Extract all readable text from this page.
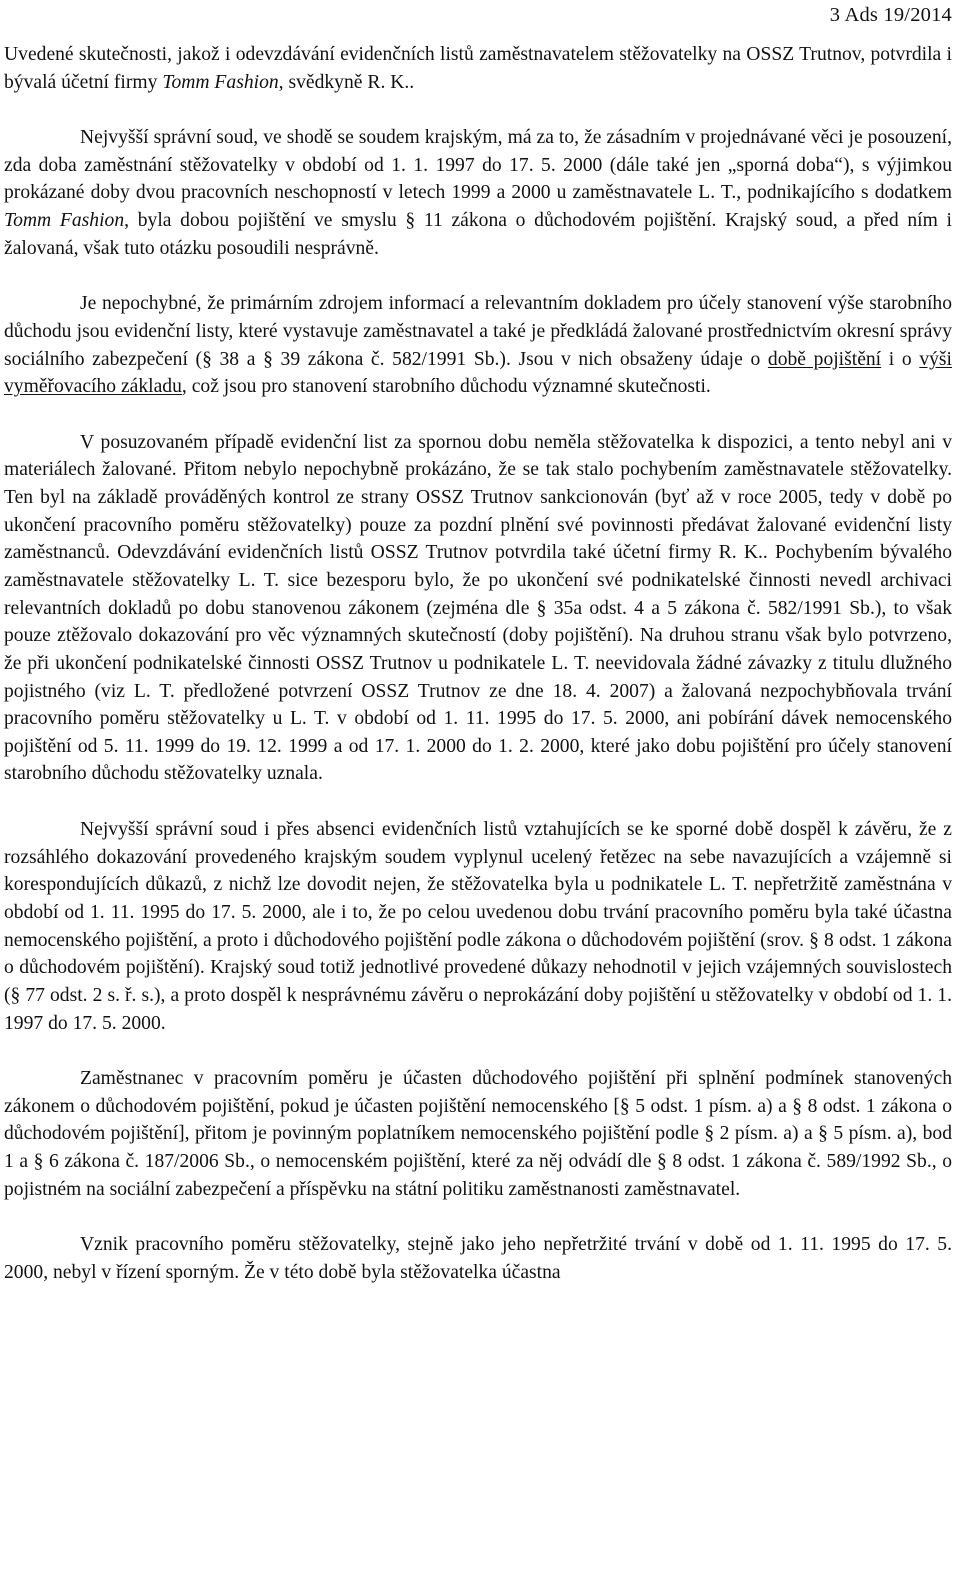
3 Ads 19/2014

Uvedené skutečnosti, jakož i odevzdávání evidenčních listů zaměstnavatelem stěžovatelky na OSSZ Trutnov, potvrdila i bývalá účetní firmy Tomm Fashion, svědkyně R. K..

Nejvyšší správní soud, ve shodě se soudem krajským, má za to, že zásadním v projednávané věci je posouzení, zda doba zaměstnání stěžovatelky v období od 1. 1. 1997 do 17. 5. 2000 (dále také jen „sporná doba“), s výjimkou prokázané doby dvou pracovních neschopností v letech 1999 a 2000 u zaměstnavatele L. T., podnikajícího s dodatkem Tomm Fashion, byla dobou pojištění ve smyslu § 11 zákona o důchodovém pojištění. Krajský soud, a před ním i žalovaná, však tuto otázku posoudili nesprávně.

Je nepochybné, že primárním zdrojem informací a relevantním dokladem pro účely stanovení výše starobního důchodu jsou evidenční listy, které vystavuje zaměstnavatel a také je předkládá žalované prostřednictvím okresní správy sociálního zabezpečení (§ 38 a § 39 zákona č. 582/1991 Sb.). Jsou v nich obsaženy údaje o době pojištění i o výši vyměřovacího základu, což jsou pro stanovení starobního důchodu významné skutečnosti.

V posuzovaném případě evidenční list za spornou dobu neměla stěžovatelka k dispozici, a tento nebyl ani v materiálech žalované. Přitom nebylo nepochybně prokázáno, že se tak stalo pochybením zaměstnavatele stěžovatelky. Ten byl na základě prováděných kontrol ze strany OSSZ Trutnov sankcionován (byť až v roce 2005, tedy v době po ukončení pracovního poměru stěžovatelky) pouze za pozdní plnění své povinnosti předávat žalované evidenční listy zaměstnanců. Odevzdávání evidenčních listů OSSZ Trutnov potvrdila také účetní firmy R. K.. Pochybením bývalého zaměstnavatele stěžovatelky L. T. sice bezesporu bylo, že po ukončení své podnikatelské činnosti nevedl archivaci relevantních dokladů po dobu stanovenou zákonem (zejména dle § 35a odst. 4 a 5 zákona č. 582/1991 Sb.), to však pouze ztěžovalo dokazování pro věc významných skutečností (doby pojištění). Na druhou stranu však bylo potvrzeno, že při ukončení podnikatelské činnosti OSSZ Trutnov u podnikatele L. T. neevidovala žádné závazky z titulu dlužného pojistného (viz L. T. předložené potvrzení OSSZ Trutnov ze dne 18. 4. 2007) a žalovaná nezpochybňovala trvání pracovního poměru stěžovatelky u L. T. v období od 1. 11. 1995 do 17. 5. 2000, ani pobírání dávek nemocenského pojištění od 5. 11. 1999 do 19. 12. 1999 a od 17. 1. 2000 do 1. 2. 2000, které jako dobu pojištění pro účely stanovení starobního důchodu stěžovatelky uznala.

Nejvyšší správní soud i přes absenci evidenčních listů vztahujících se ke sporné době dospěl k závěru, že z rozsáhlého dokazování provedeného krajským soudem vyplynul ucelený řetězec na sebe navazujících a vzájemně si korespondujících důkazů, z nichž lze dovodit nejen, že stěžovatelka byla u podnikatele L. T. nepřetržitě zaměstnána v období od 1. 11. 1995 do 17. 5. 2000, ale i to, že po celou uvedenou dobu trvání pracovního poměru byla také účastna nemocenského pojištění, a proto i důchodového pojištění podle zákona o důchodovém pojištění (srov. § 8 odst. 1 zákona o důchodovém pojištění). Krajský soud totiž jednotlivé provedené důkazy nehodnotil v jejich vzájemných souvislostech (§ 77 odst. 2 s. ř. s.), a proto dospěl k nesprávnému závěru o neprokázání doby pojištění u stěžovatelky v období od 1. 1. 1997 do 17. 5. 2000.

Zaměstnanec v pracovním poměru je účasten důchodového pojištění při splnění podmínek stanovených zákonem o důchodovém pojištění, pokud je účasten pojištění nemocenského [§ 5 odst. 1 písm. a) a § 8 odst. 1 zákona o důchodovém pojištění], přitom je povinným poplatníkem nemocenského pojištění podle § 2 písm. a) a § 5 písm. a), bod 1 a § 6 zákona č. 187/2006 Sb., o nemocenském pojištění, které za něj odvádí dle § 8 odst. 1 zákona č. 589/1992 Sb., o pojistném na sociální zabezpečení a příspěvku na státní politiku zaměstnanosti zaměstnavatel.

Vznik pracovního poměru stěžovatelky, stejně jako jeho nepřetržité trvání v době od 1. 11. 1995 do 17. 5. 2000, nebyl v řízení sporným. Že v této době byla stěžovatelka účastna
